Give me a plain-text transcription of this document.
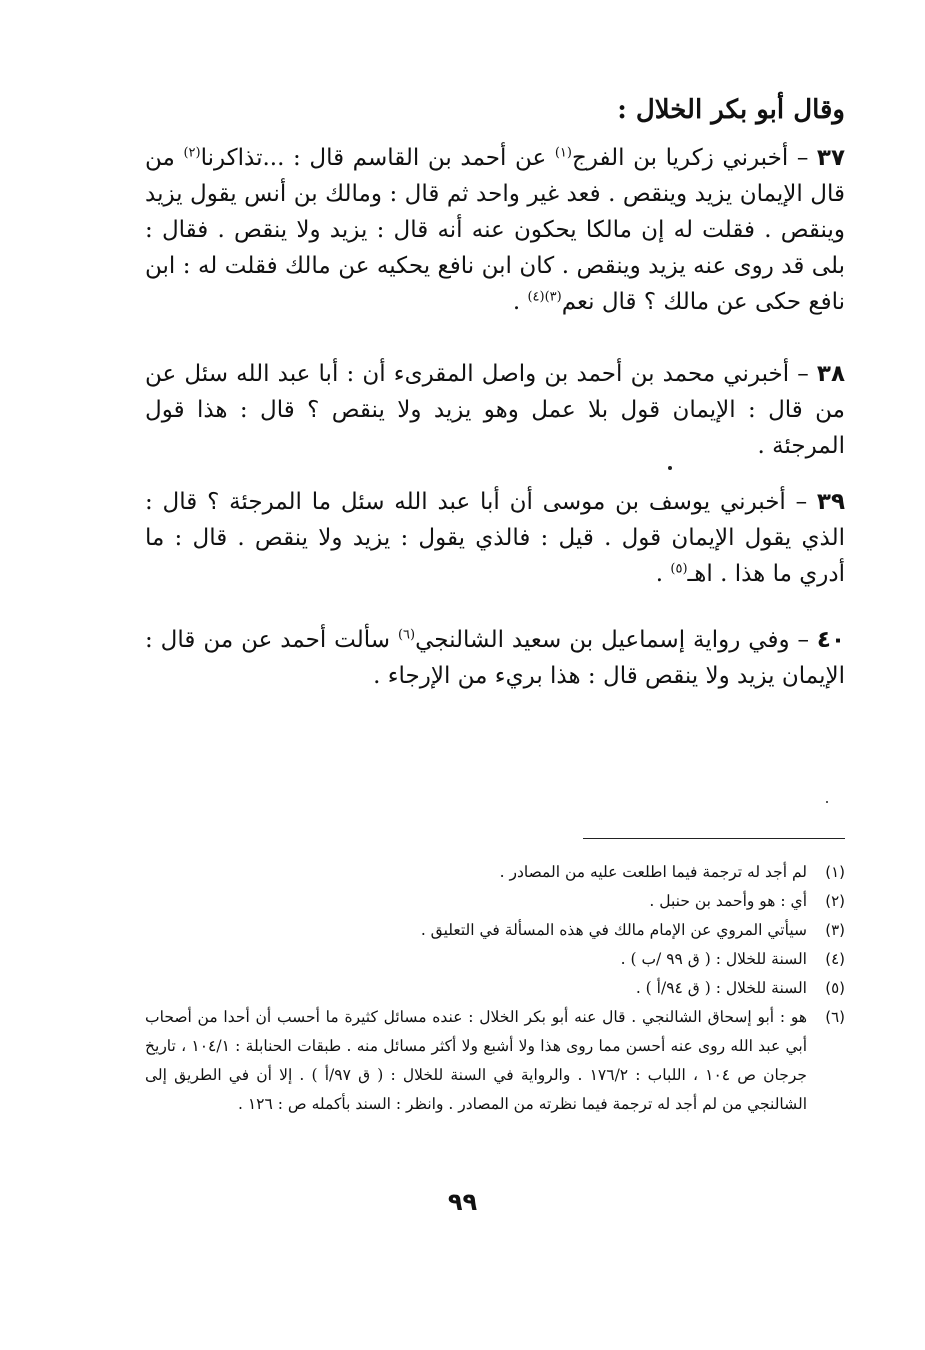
وقال أبو بكر الخلال :
٣٧ – أخبرني زكريا بن الفرج$^{(١)}$ عن أحمد بن القاسم قال : ...تذاكرنا$^{(٢)}$ من قال الإيمان يزيد وينقص . فعد غير واحد ثم قال : ومالك بن أنس يقول يزيد وينقص . فقلت له إن مالكا يحكون عنه أنه قال : يزيد ولا ينقص . فقال : بلى قد روى عنه يزيد وينقص . كان ابن نافع يحكيه عن مالك فقلت له : ابن نافع حكى عن مالك ؟ قال نعم$^{(٣)(٤)}$ .
٣٨ – أخبرني محمد بن أحمد بن واصل المقرىء أن : أبا عبد الله سئل عن من قال : الإيمان قول بلا عمل وهو يزيد ولا ينقص ؟ قال : هذا قول المرجئة .
٣٩ – أخبرني يوسف بن موسى أن أبا عبد الله سئل ما المرجئة ؟ قال : الذي يقول الإيمان قول . قيل : فالذي يقول : يزيد ولا ينقص . قال : ما أدري ما هذا . اهـ$^{(٥)}$ .
٤٠ – وفي رواية إسماعيل بن سعيد الشالنجي$^{(٦)}$ سألت أحمد عن من قال : الإيمان يزيد ولا ينقص قال : هذا بريء من الإرجاء .
(١)
لم أجد له ترجمة فيما اطلعت عليه من المصادر .
(٢)
أي : هو وأحمد بن حنبل .
(٣)
سيأتي المروي عن الإمام مالك في هذه المسألة في التعليق .
(٤)
السنة للخلال : ( ق ٩٩ /ب ) .
(٥)
السنة للخلال : ( ق ٩٤/أ ) .
(٦)
هو : أبو إسحاق الشالنجي . قال عنه أبو بكر الخلال : عنده مسائل كثيرة ما أحسب أن أحدا من أصحاب أبي عبد الله روى عنه أحسن مما روى هذا ولا أشبع ولا أكثر مسائل منه . طبقات الحنابلة : ١٠٤/١ ، تاريخ جرجان ص ١٠٤ ، اللباب : ١٧٦/٢ . والرواية في السنة للخلال : ( ق ٩٧/أ ) . إلا أن في الطريق إلى الشالنجي من لم أجد له ترجمة فيما نظرته من المصادر . وانظر : السند بأكمله ص : ١٢٦ .
٩٩
